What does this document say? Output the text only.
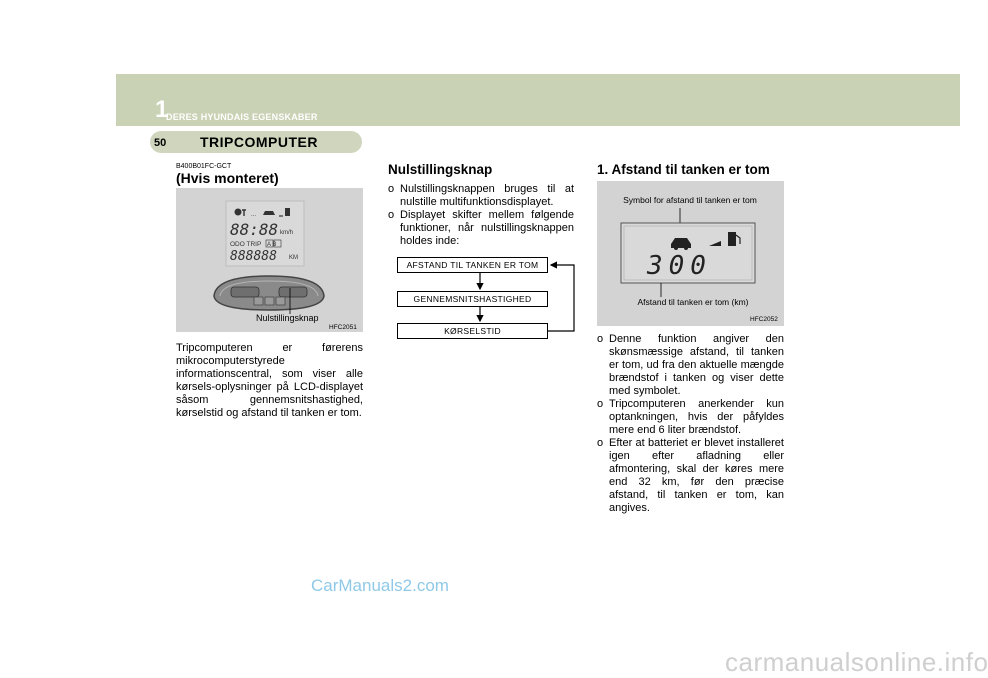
1
DERES HYUNDAIS EGENSKABER
50 TRIPCOMPUTER
B400B01FC-GCT
(Hvis monteret)
...
88:88 km/h
ODO TRIP A B
888888 KM
Nulstillingsknap
HFC2051
Tripcomputeren er førerens mikrocomputerstyrede informationscentral, som viser alle kørsels-oplysninger på LCD-displayet såsom gennemsnitshastighed, kørselstid og afstand til tanken er tom.
Nulstillingsknap
o Nulstillingsknappen bruges til at nulstille multifunktionsdisplayet.
o Displayet skifter mellem følgende funktioner, når nulstillingsknappen holdes inde:
AFSTAND TIL TANKEN ER TOM
GENNEMSNITSHASTIGHED
KØRSELSTID
1. Afstand til tanken er tom
Symbol for afstand til tanken er tom
300
Afstand til tanken er tom (km)
HFC2052
o Denne funktion angiver den skønsmæssige afstand, til tanken er tom, ud fra den aktuelle mængde brændstof i tanken og viser dette med symbolet.
o Tripcomputeren anerkender kun optankningen, hvis der påfyldes mere end 6 liter brændstof.
o Efter at batteriet er blevet installeret igen efter afladning eller afmontering, skal der køres mere end 32 km, før den præcise afstand, til tanken er tom, kan angives.
CarManuals2.com
carmanualsonline.info
